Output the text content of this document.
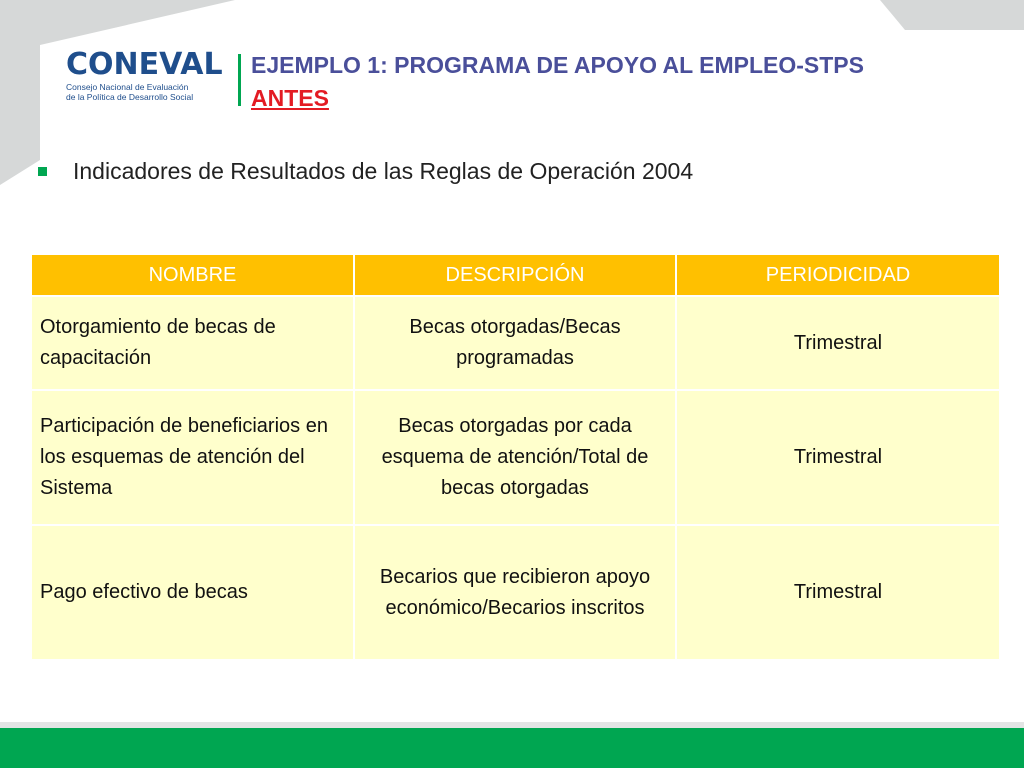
CONEVAL
Consejo Nacional de Evaluación
de la Política de Desarrollo Social
EJEMPLO 1: PROGRAMA DE APOYO AL EMPLEO-STPS
ANTES
Indicadores de Resultados de las Reglas de Operación 2004
NOMBRE	DESCRIPCIÓN	PERIODICIDAD
Otorgamiento de becas de capacitación	Becas otorgadas/Becas programadas	Trimestral
Participación de beneficiarios en los esquemas de atención del Sistema	Becas otorgadas por cada esquema de atención/Total de becas otorgadas	Trimestral
Pago efectivo de becas	Becarios que recibieron apoyo económico/Becarios inscritos	Trimestral
